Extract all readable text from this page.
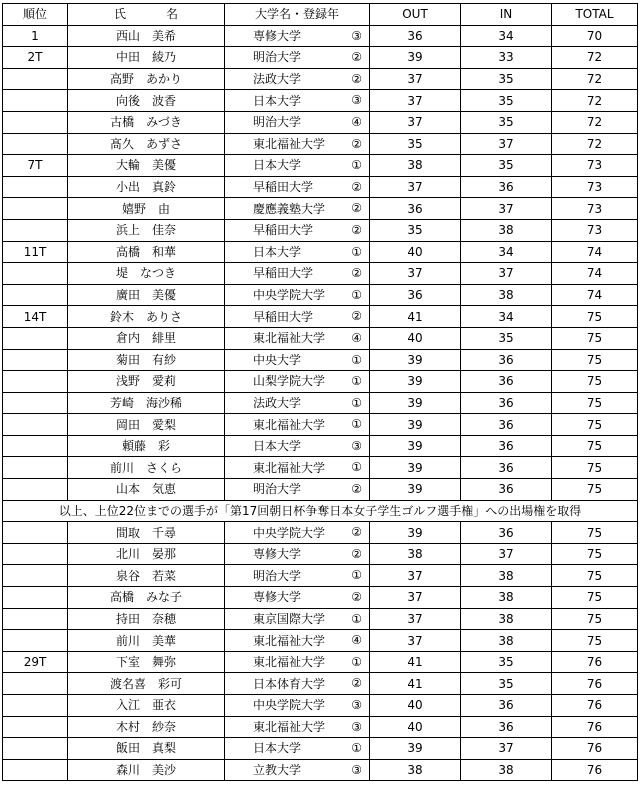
順位	氏 名	大学名・登録年	OUT	IN	TOTAL
1	西山　美希	専修大学 ③	36	34	70
2T	中田　綾乃	明治大学 ②	39	33	72
	高野　あかり	法政大学 ②	37	35	72
	向後　波香	日本大学 ③	37	35	72
	古橋　みづき	明治大学 ④	37	35	72
	髙久　あずさ	東北福祉大学 ②	35	37	72
7T	大輪　美優	日本大学 ①	38	35	73
	小出　真鈴	早稲田大学 ②	37	36	73
	嬉野　由	慶應義塾大学 ②	36	37	73
	浜上　佳奈	早稲田大学 ②	35	38	73
11T	高橋　和華	日本大学 ①	40	34	74
	堤　なつき	早稲田大学 ②	37	37	74
	廣田　美優	中央学院大学 ①	36	38	74
14T	鈴木　ありさ	早稲田大学 ②	41	34	75
	倉内　緋里	東北福祉大学 ④	40	35	75
	菊田　有紗	中央大学 ①	39	36	75
	浅野　愛莉	山梨学院大学 ①	39	36	75
	芳崎　海沙稀	法政大学 ①	39	36	75
	岡田　愛梨	東北福祉大学 ①	39	36	75
	頼藤　彩	日本大学 ③	39	36	75
	前川　さくら	東北福祉大学 ①	39	36	75
	山本　気恵	明治大学 ②	39	36	75
以上、上位22位までの選手が「第17回朝日杯争奪日本女子学生ゴルフ選手権」への出場権を取得					
	間取　千尋	中央学院大学 ②	39	36	75
	北川　晏那	専修大学 ②	38	37	75
	泉谷　若菜	明治大学 ①	37	38	75
	高橋　みな子	専修大学 ②	37	38	75
	持田　奈穂	東京国際大学 ①	37	38	75
	前川　美華	東北福祉大学 ④	37	38	75
29T	下室　舞弥	東北福祉大学 ①	41	35	76
	渡名喜　彩可	日本体育大学 ②	41	35	76
	入江　亜衣	中央学院大学 ③	40	36	76
	木村　紗奈	東北福祉大学 ③	40	36	76
	飯田　真梨	日本大学 ①	39	37	76
	森川　美沙	立教大学 ③	38	38	76
